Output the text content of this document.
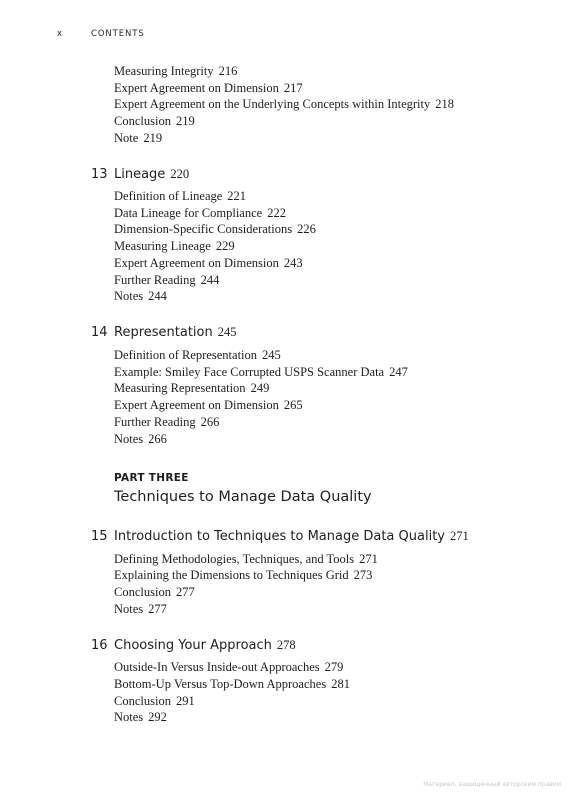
x	CONTENTS
Measuring Integrity 216
Expert Agreement on Dimension 217
Expert Agreement on the Underlying Concepts within Integrity 218
Conclusion 219
Note 219
13 Lineage 220
Definition of Lineage 221
Data Lineage for Compliance 222
Dimension-Specific Considerations 226
Measuring Lineage 229
Expert Agreement on Dimension 243
Further Reading 244
Notes 244
14 Representation 245
Definition of Representation 245
Example: Smiley Face Corrupted USPS Scanner Data 247
Measuring Representation 249
Expert Agreement on Dimension 265
Further Reading 266
Notes 266
PART THREE
Techniques to Manage Data Quality
15 Introduction to Techniques to Manage Data Quality 271
Defining Methodologies, Techniques, and Tools 271
Explaining the Dimensions to Techniques Grid 273
Conclusion 277
Notes 277
16 Choosing Your Approach 278
Outside-In Versus Inside-out Approaches 279
Bottom-Up Versus Top-Down Approaches 281
Conclusion 291
Notes 292
Материал, защищенный авторским правом
